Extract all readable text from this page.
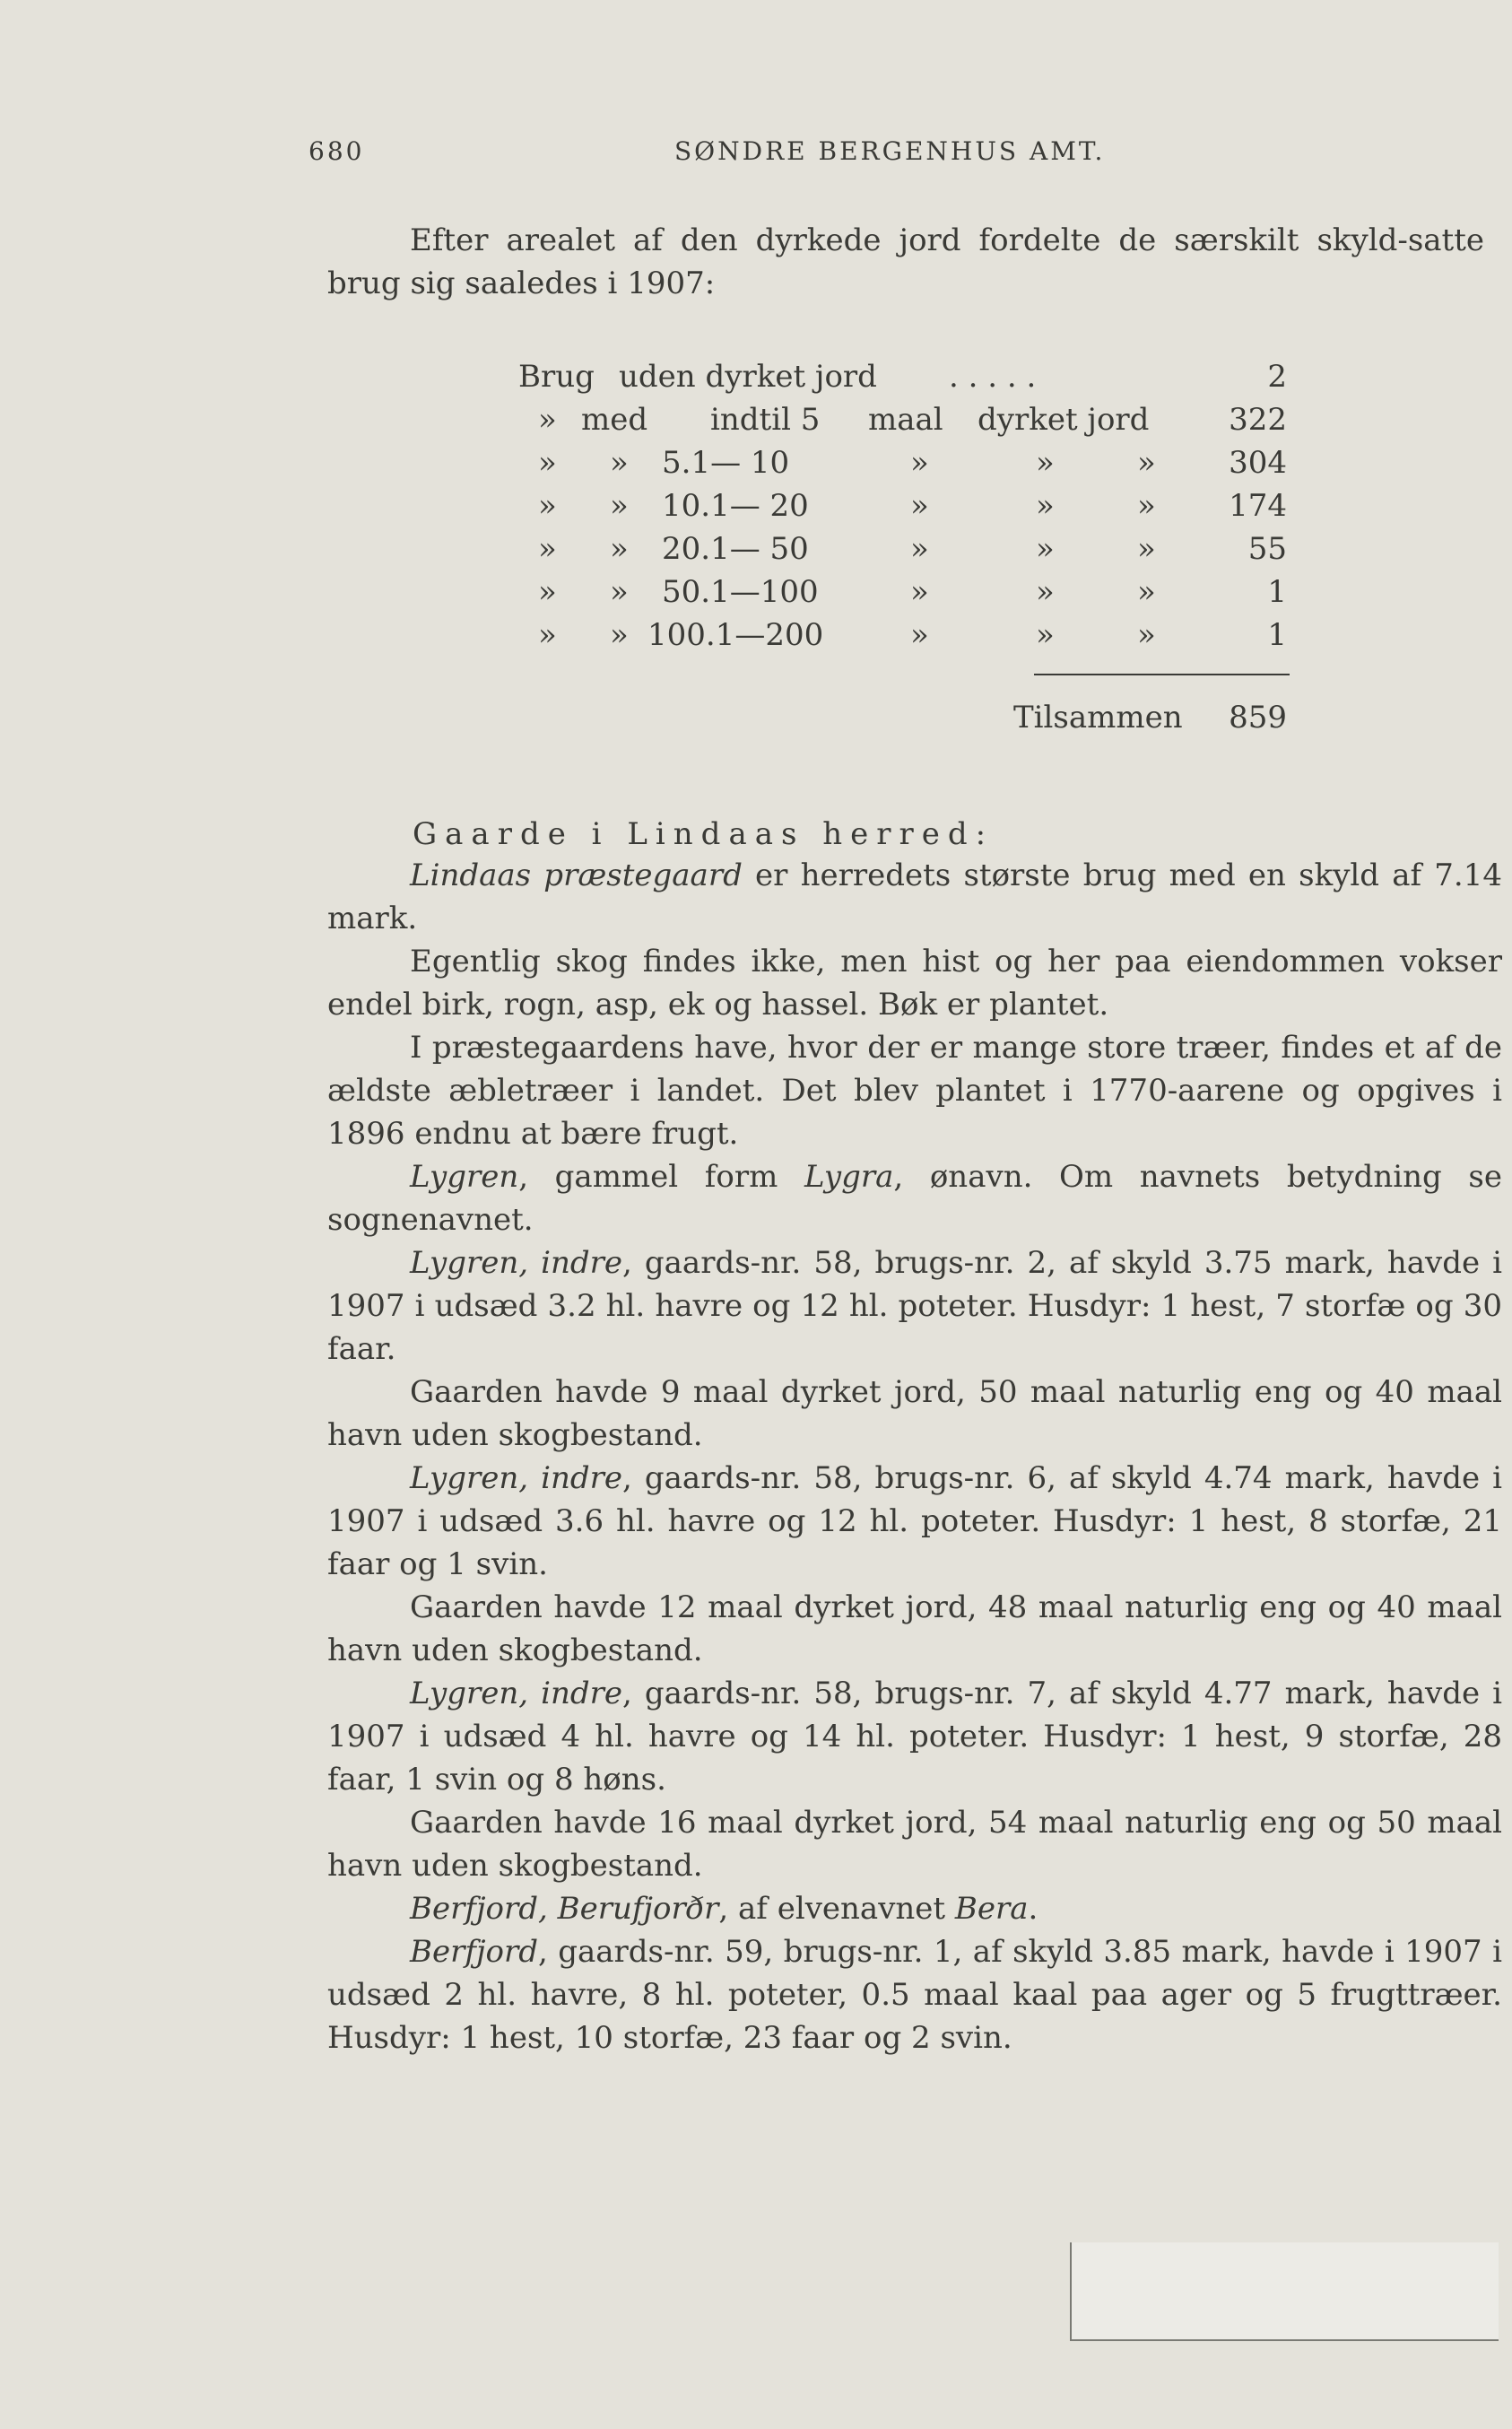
680	SØNDRE BERGENHUS AMT.

Efter arealet af den dyrkede jord fordelte de særskilt skyld-satte brug sig saaledes i 1907:

Brug uden dyrket jord . . . . .	2
» med indtil 5 maal dyrket jord	322
» » 5.1— 10	»	»	»	304
» » 10.1— 20	»	»	»	174
» » 20.1— 50	»	»	»	55
» » 50.1—100	»	»	»	1
» » 100.1—200	»	»	»	1
Tilsammen	859
Gaarde i Lindaas herred:

Lindaas præstegaard er herredets største brug med en skyld af 7.14 mark.

Egentlig skog findes ikke, men hist og her paa eiendommen vokser endel birk, rogn, asp, ek og hassel. Bøk er plantet.

I præstegaardens have, hvor der er mange store træer, findes et af de ældste æbletræer i landet. Det blev plantet i 1770-aarene og opgives i 1896 endnu at bære frugt.

Lygren, gammel form Lygra, ønavn. Om navnets betydning se sognenavnet.

Lygren, indre, gaards-nr. 58, brugs-nr. 2, af skyld 3.75 mark, havde i 1907 i udsæd 3.2 hl. havre og 12 hl. poteter. Husdyr: 1 hest, 7 storfæ og 30 faar.

Gaarden havde 9 maal dyrket jord, 50 maal naturlig eng og 40 maal havn uden skogbestand.

Lygren, indre, gaards-nr. 58, brugs-nr. 6, af skyld 4.74 mark, havde i 1907 i udsæd 3.6 hl. havre og 12 hl. poteter. Husdyr: 1 hest, 8 storfæ, 21 faar og 1 svin.

Gaarden havde 12 maal dyrket jord, 48 maal naturlig eng og 40 maal havn uden skogbestand.

Lygren, indre, gaards-nr. 58, brugs-nr. 7, af skyld 4.77 mark, havde i 1907 i udsæd 4 hl. havre og 14 hl. poteter. Husdyr: 1 hest, 9 storfæ, 28 faar, 1 svin og 8 høns.

Gaarden havde 16 maal dyrket jord, 54 maal naturlig eng og 50 maal havn uden skogbestand.

Berfjord, Berufjorðr, af elvenavnet Bera.

Berfjord, gaards-nr. 59, brugs-nr. 1, af skyld 3.85 mark, havde i 1907 i udsæd 2 hl. havre, 8 hl. poteter, 0.5 maal kaal paa ager og 5 frugttræer. Husdyr: 1 hest, 10 storfæ, 23 faar og 2 svin.
